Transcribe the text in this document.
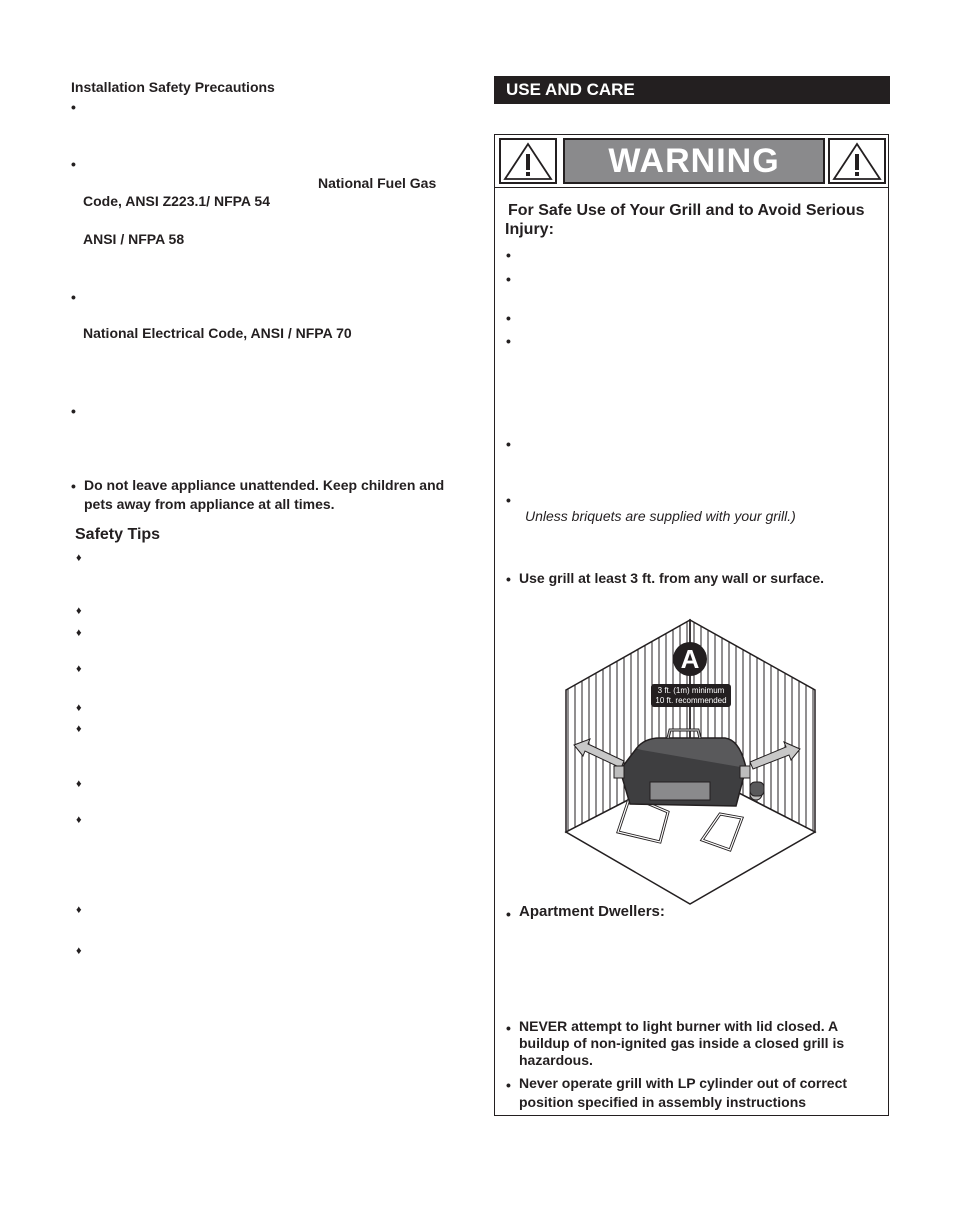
Installation Safety Precautions
•
•
National Fuel Gas
Code, ANSI Z223.1/ NFPA 54
ANSI / NFPA 58
•
National Electrical Code, ANSI / NFPA 70
•
• Do not leave appliance unattended. Keep children and
pets away from appliance at all times.
Safety Tips
♦
♦
♦
♦
♦
♦
♦
♦
♦
♦
USE AND CARE
WARNING
For Safe Use of Your Grill and to Avoid Serious
Injury:
•
•
•
•
•
•
Unless briquets are supplied with your grill.)
• Use grill at least 3 ft. from any wall or surface.
A
3 ft. (1m) minimum
10 ft. recommended
• Apartment Dwellers:
• NEVER attempt to light burner with lid closed. A
buildup of non-ignited gas inside a closed grill is
hazardous.
• Never operate grill with LP cylinder out of correct
position specified in assembly instructions
